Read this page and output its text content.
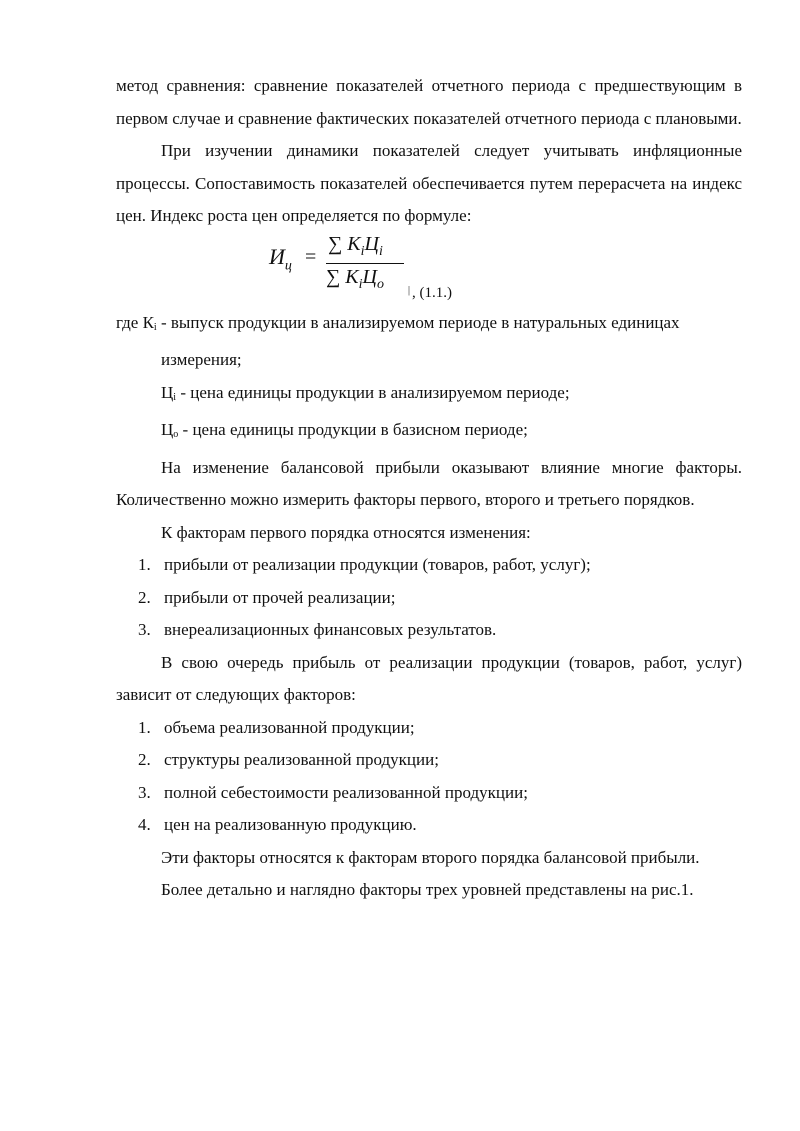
метод сравнения: сравнение показателей отчетного периода с предшествующим в первом случае и сравнение фактических показателей отчетного периода с плановыми.

При изучении динамики показателей следует учитывать инфляционные процессы. Сопоставимость показателей обеспечивается путем перерасчета на индекс цен. Индекс роста цен определяется по формуле:

$И_ц$ =
∑ $K_iЦ_i$
∑ $K_iЦ_o$ | , (1.1.)

где Кi - выпуск продукции в анализируемом периоде в натуральных единицах

измерения;

Цi - цена единицы продукции в анализируемом периоде;

Цо - цена единицы продукции в базисном периоде;

На изменение балансовой прибыли оказывают влияние многие факторы. Количественно можно измерить факторы первого, второго и третьего порядков.

К факторам первого порядка относятся изменения:

1. прибыли от реализации продукции (товаров, работ, услуг);
2. прибыли от прочей реализации;
3. внереализационных финансовых результатов.

В свою очередь прибыль от реализации продукции (товаров, работ, услуг) зависит от следующих факторов:

1. объема реализованной продукции;
2. структуры реализованной продукции;
3. полной себестоимости реализованной продукции;
4. цен на реализованную продукцию.

Эти факторы относятся к факторам второго порядка балансовой прибыли.

Более детально и наглядно факторы трех уровней представлены на рис.1.
